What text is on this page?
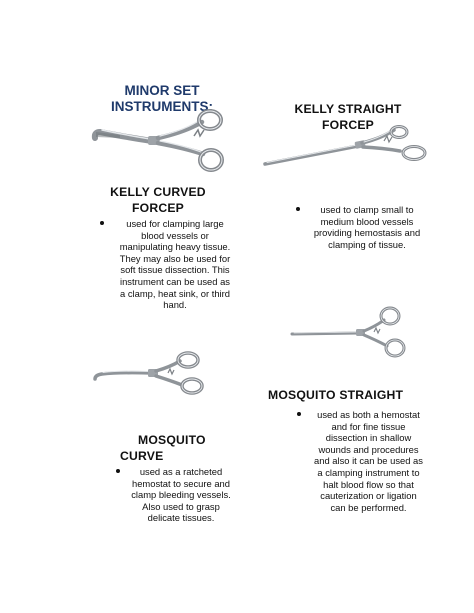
MINOR SET
INSTRUMENTS:	KELLY STRAIGHT
FORCEP
KELLY CURVED
FORCEP
used for clamping large
blood vessels or
manipulating heavy tissue.
They may also be used for
soft tissue dissection. This
instrument can be used as
a clamp, heat sink, or third
hand.
used to clamp small to
medium blood vessels
providing hemostasis and
clamping of tissue.
MOSQUITO STRAIGHT
used as both a hemostat
and for fine tissue
dissection in shallow
wounds and procedures
and also it can be used as
a clamping instrument to
halt blood flow so that
cauterization or ligation
can be performed.
MOSQUITO
CURVE
used as a ratcheted
hemostat to secure and
clamp bleeding vessels.
Also used to grasp
delicate tissues.
